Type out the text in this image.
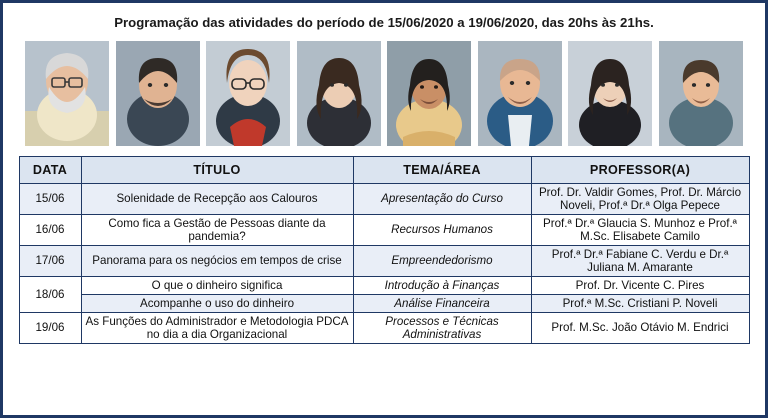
Programação das atividades do período de 15/06/2020 a 19/06/2020, das 20hs às 21hs.
DATA	TÍTULO	TEMA/ÁREA	PROFESSOR(A)
15/06	Solenidade de Recepção aos Calouros	Apresentação do Curso	Prof. Dr. Valdir Gomes, Prof. Dr. Márcio Noveli, Prof.ª Dr.ª Olga Pepece
16/06	Como fica a Gestão de Pessoas diante da pandemia?	Recursos Humanos	Prof.ª Dr.ª Glaucia S. Munhoz e Prof.ª M.Sc. Elisabete Camilo
17/06	Panorama para os negócios em tempos de crise	Empreendedorismo	Prof.ª Dr.ª Fabiane C. Verdu e Dr.ª Juliana M. Amarante
18/06	O que o dinheiro significa	Introdução à Finanças	Prof. Dr. Vicente C. Pires
	Acompanhe o uso do dinheiro	Análise Financeira	Prof.ª M.Sc. Cristiani P. Noveli
19/06	As Funções do Administrador e Metodologia PDCA no dia a dia Organizacional	Processos e Técnicas Administrativas	Prof. M.Sc. João Otávio M. Endrici
